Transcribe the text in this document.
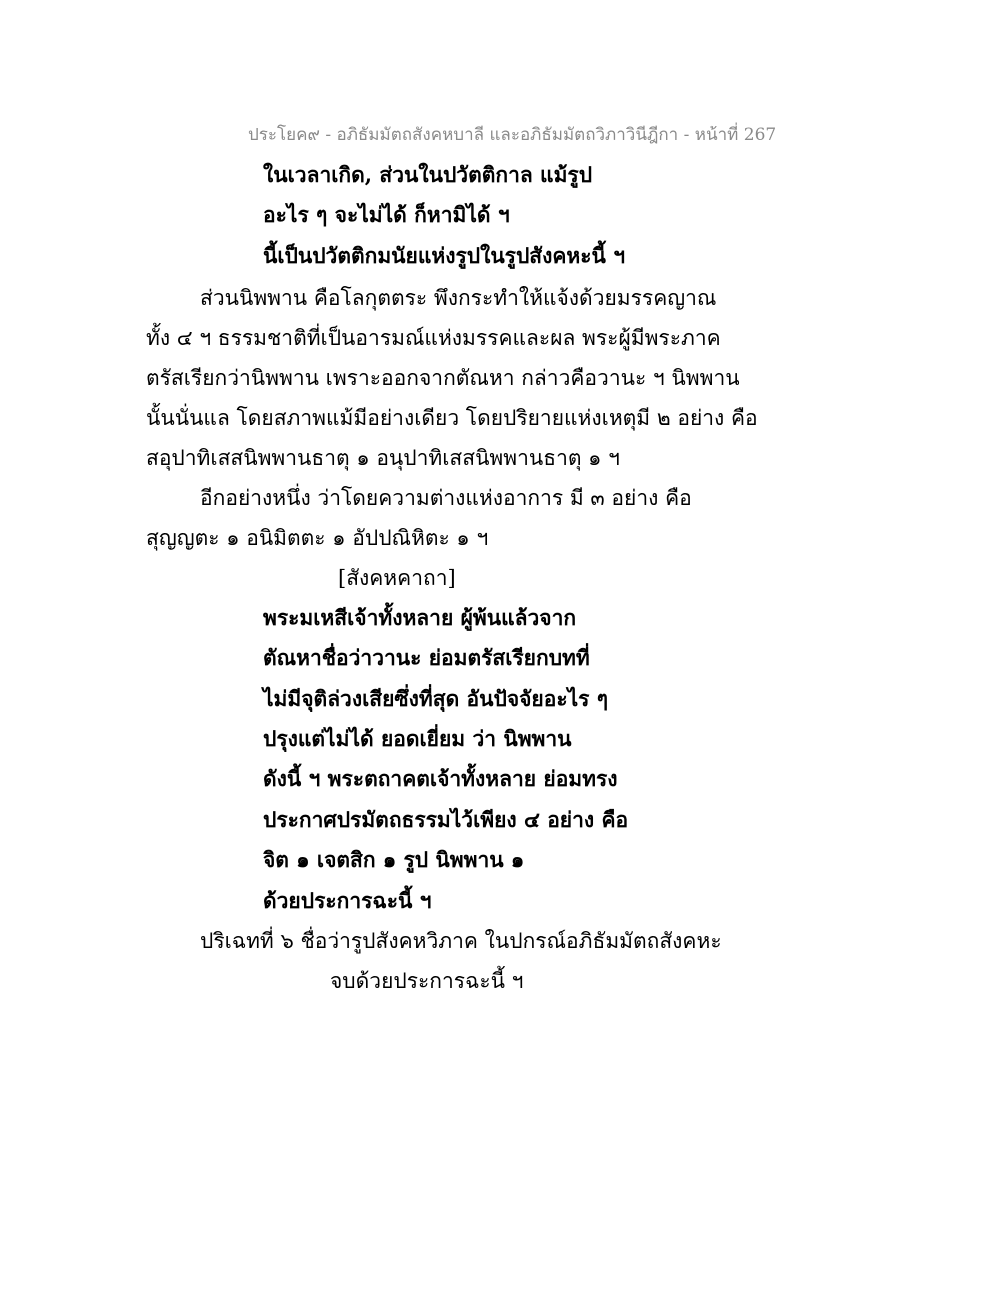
ประโยค๙ - อภิธัมมัตถสังคหบาลี และอภิธัมมัตถวิภาวินีฎีกา - หน้าที่ 267
ในเวลาเกิด, ส่วนในปวัตติกาล แม้รูป
อะไร ๆ จะไม่ได้ ก็หามิได้ ฯ
นี้เป็นปวัตติกมนัยแห่งรูปในรูปสังคหะนี้ ฯ
ส่วนนิพพาน คือโลกุตตระ พึงกระทำให้แจ้งด้วยมรรคญาณ
ทั้ง ๔ ฯ ธรรมชาติที่เป็นอารมณ์แห่งมรรคและผล พระผู้มีพระภาค
ตรัสเรียกว่านิพพาน เพราะออกจากตัณหา กล่าวคือวานะ ฯ นิพพาน
นั้นนั่นแล โดยสภาพแม้มีอย่างเดียว โดยปริยายแห่งเหตุมี ๒ อย่าง คือ
สอุปาทิเสสนิพพานธาตุ ๑ อนุปาทิเสสนิพพานธาตุ ๑ ฯ
อีกอย่างหนึ่ง ว่าโดยความต่างแห่งอาการ มี ๓ อย่าง คือ
สุญญตะ ๑ อนิมิตตะ ๑ อัปปณิหิตะ ๑ ฯ
[สังคหคาถา]
พระมเหสีเจ้าทั้งหลาย ผู้พ้นแล้วจาก
ตัณหาชื่อว่าวานะ ย่อมตรัสเรียกบทที่
ไม่มีจุติล่วงเสียซึ่งที่สุด อันปัจจัยอะไร ๆ
ปรุงแต่ไม่ได้ ยอดเยี่ยม ว่า นิพพาน
ดังนี้ ฯ พระตถาคตเจ้าทั้งหลาย ย่อมทรง
ประกาศปรมัตถธรรมไว้เพียง ๔ อย่าง คือ
จิต ๑ เจตสิก ๑ รูป นิพพาน ๑
ด้วยประการฉะนี้ ฯ
ปริเฉทที่ ๖ ชื่อว่ารูปสังคหวิภาค ในปกรณ์อภิธัมมัตถสังคหะ
จบด้วยประการฉะนี้ ฯ
